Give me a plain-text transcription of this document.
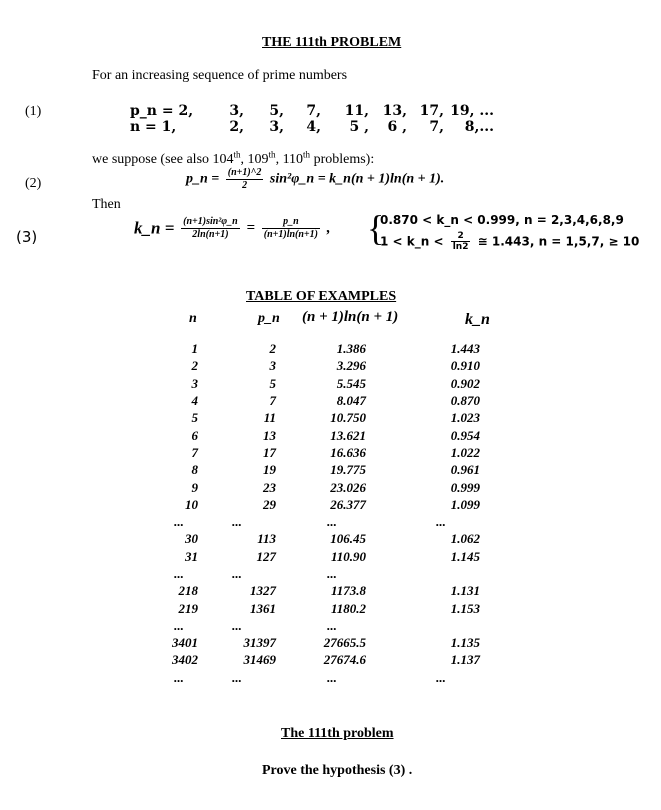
THE 111th PROBLEM
For an increasing sequence of prime numbers
(1)	p_n = 2,	3,	5,	7,	11,	13,	17,	19, ...
n = 1,	2,	3,	4,	5 ,	6 ,	7,	8,...
we suppose (see also 104th, 109th, 110th problems):
(2)	p_n = $\frac{(n+1)\^{}2}{2}$ sin²φ_n = k_n(n + 1)ln(n + 1).
Then
(3)	k_n = $\frac{\text{(n+1)sin²φ\_n}}{2\ln(n+1)} = \frac{p\_n}{(n+1)\ln(n+1)}$ , {
0.870 < k_n < 0.999, n = 2,3,4,6,8,9
1 < k_n < $\frac{2}{\ln 2}$ ≅ 1.443, n = 1,5,7, ≥ 10
TABLE OF EXAMPLES
n	p_n (n + 1)ln(n + 1)	k_n
1	2	1.386	1.443
2	3	3.296	0.910
3	5	5.545	0.902
4	7	8.047	0.870
5	11	10.750	1.023
6	13	13.621	0.954
7	17	16.636	1.022
8	19	19.775	0.961
9	23	23.026	0.999
10	29	26.377	1.099
...	...	...	...
30	113	106.45	1.062
31	127	110.90	1.145
...	...	...	
218	1327	1173.8	1.131
219	1361	1180.2	1.153
...	...	...	
3401	31397	27665.5	1.135
3402	31469	27674.6	1.137
...	...	...	...
The 111th problem
Prove the hypothesis (3) .
